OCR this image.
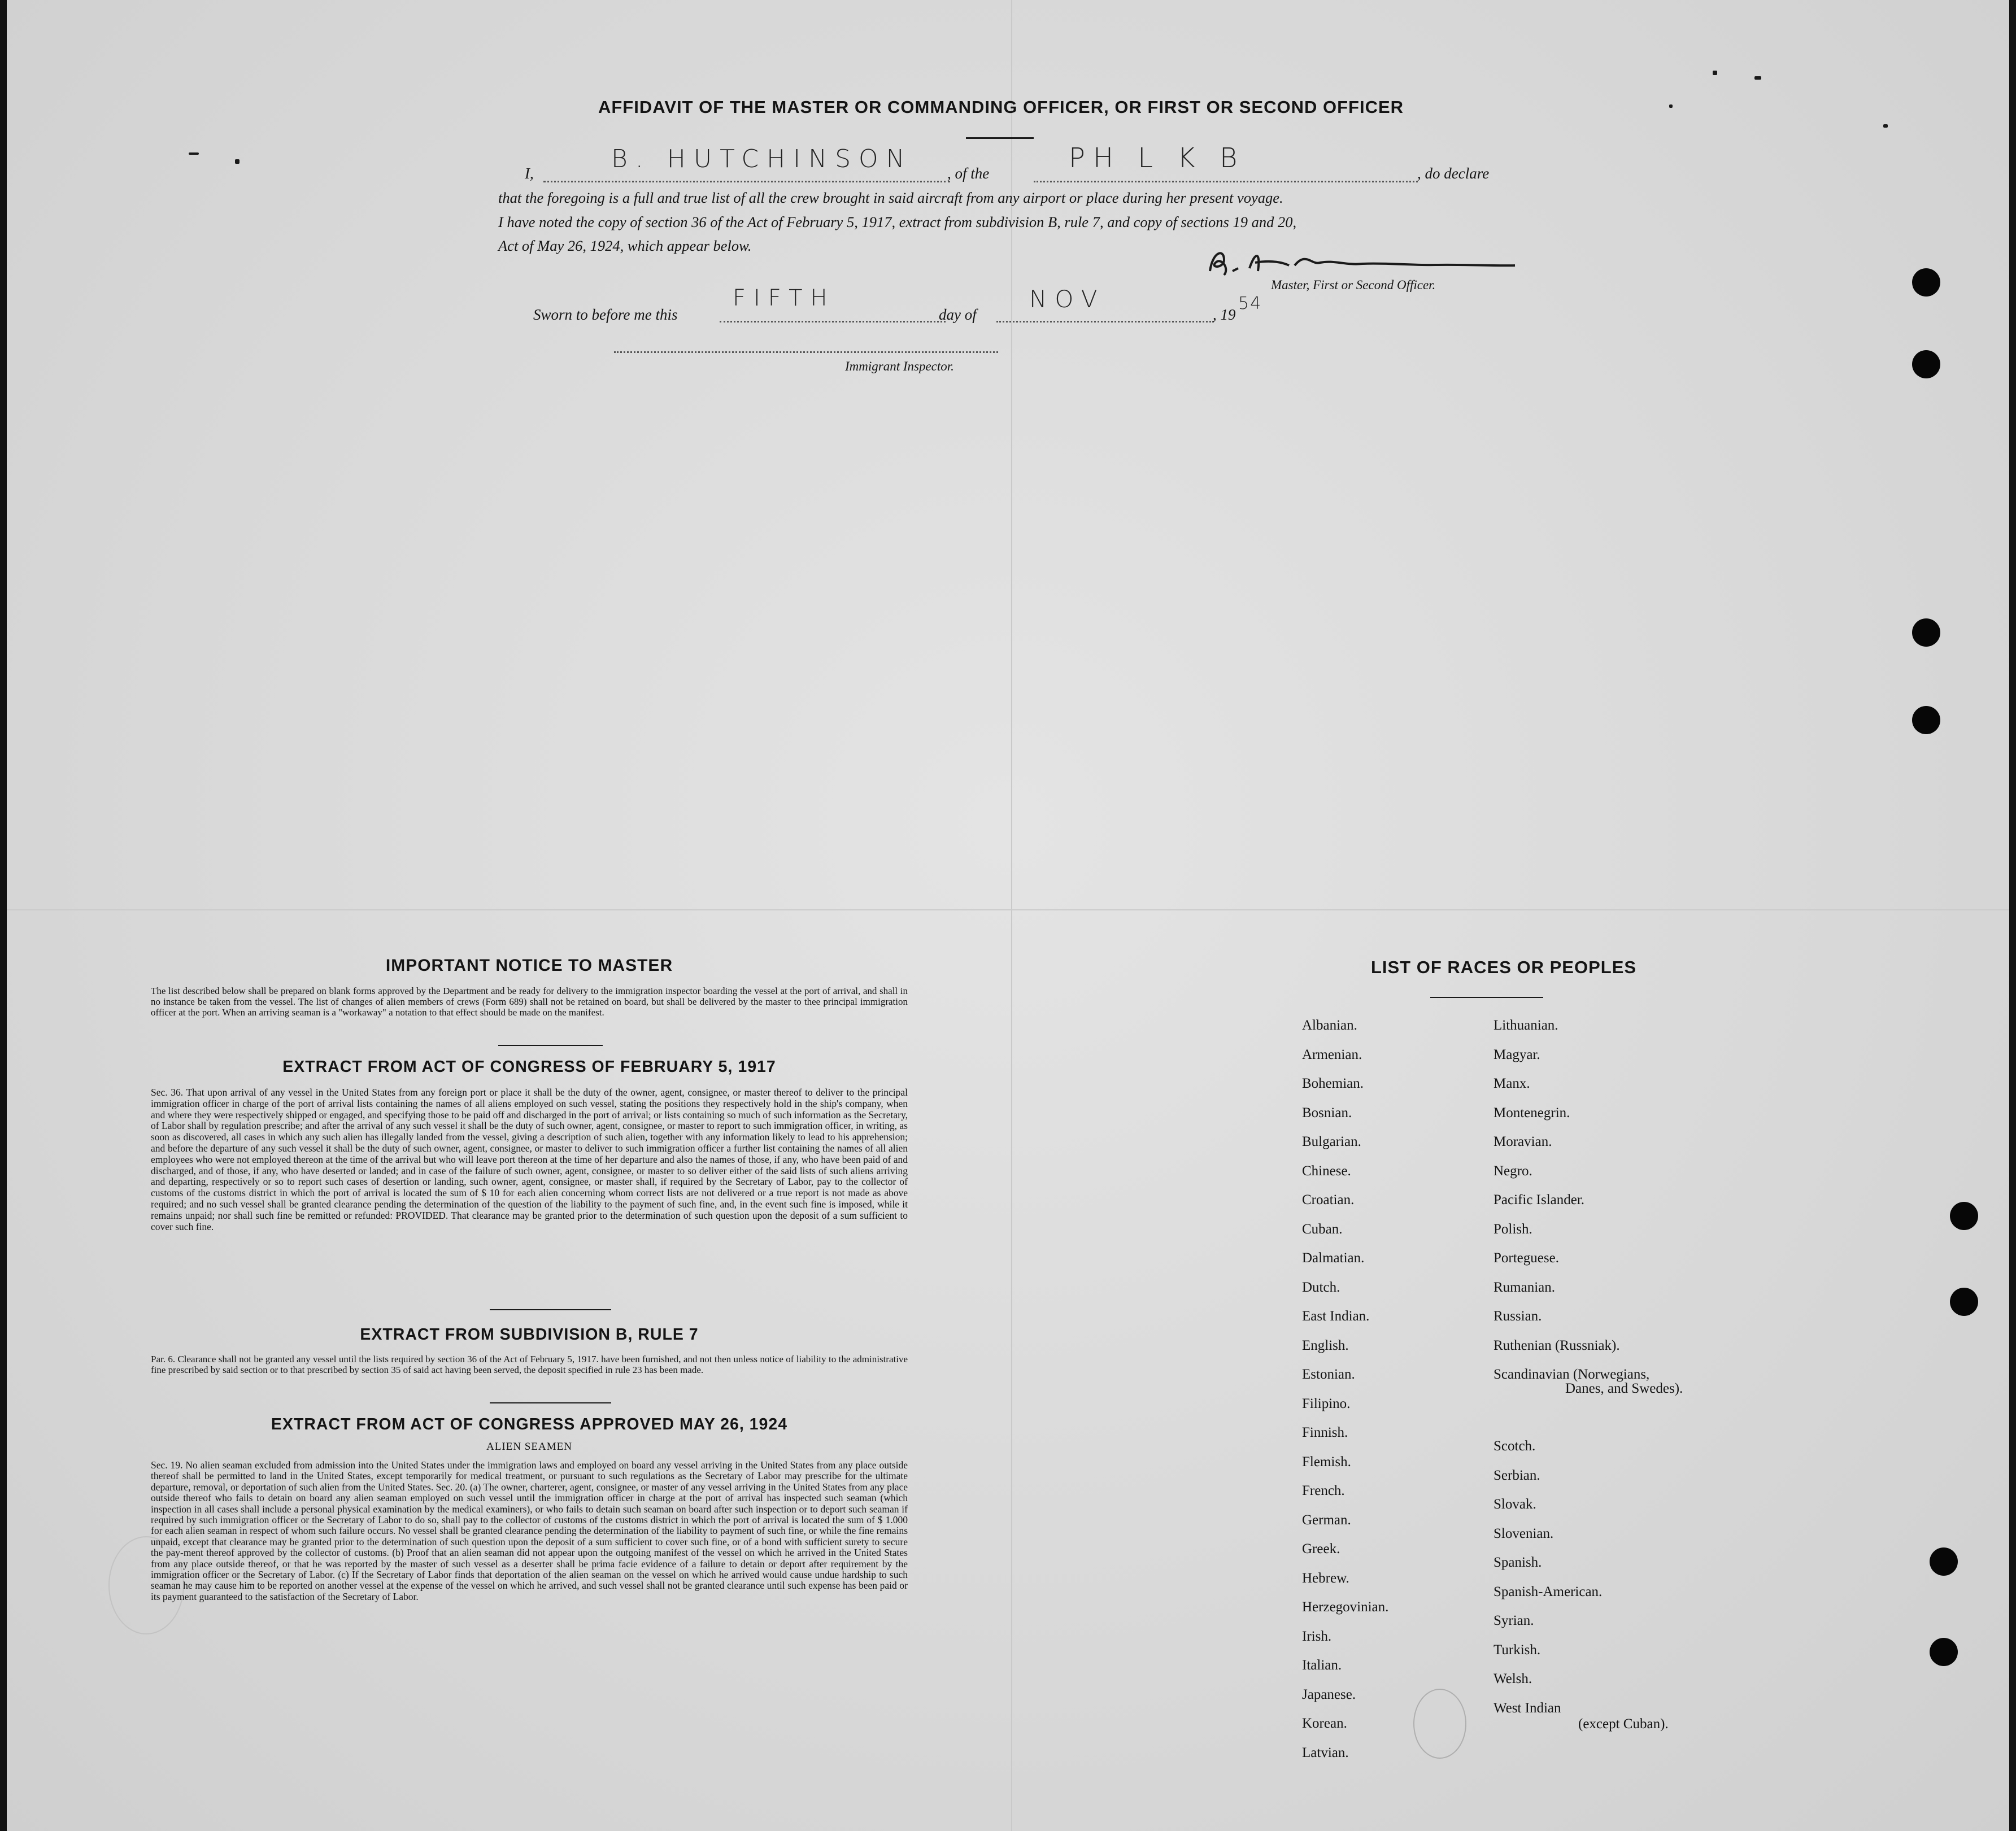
AFFIDAVIT OF THE MASTER OR COMMANDING OFFICER, OR FIRST OR SECOND OFFICER
I,	B. HUTCHINSON , of the	PH L K B	, do declare
that the foregoing is a full and true list of all the crew brought in said aircraft from any airport or place during her present voyage.
I have noted the copy of section 36 of the Act of February 5, 1917, extract from subdivision B, rule 7, and copy of sections 19 and 20,
Act of May 26, 1924, which appear below.
Master, First or Second Officer.
Sworn to before me this
FIFTH
day of
NOV
, 19
54
Immigrant Inspector.
IMPORTANT NOTICE TO MASTER
The list described below shall be prepared on blank forms approved by the Department and be ready for delivery to the immigration inspector boarding the vessel at the port of arrival, and shall in no instance be taken from the vessel. The list of changes of alien members of crews (Form 689) shall not be retained on board, but shall be delivered by the master to thee principal immigration officer at the port. When an arriving seaman is a "workaway" a notation to that effect should be made on the manifest.
EXTRACT FROM ACT OF CONGRESS OF FEBRUARY 5, 1917
Sec. 36. That upon arrival of any vessel in the United States from any foreign port or place it shall be the duty of the owner, agent, consignee, or master thereof to deliver to the principal immigration officer in charge of the port of arrival lists containing the names of all aliens employed on such vessel, stating the positions they respectively hold in the ship's company, when and where they were respectively shipped or engaged, and specifying those to be paid off and discharged in the port of arrival; or lists containing so much of such information as the Secretary, of Labor shall by regulation prescribe; and after the arrival of any such vessel it shall be the duty of such owner, agent, consignee, or master to report to such immigration officer, in writing, as soon as discovered, all cases in which any such alien has illegally landed from the vessel, giving a description of such alien, together with any information likely to lead to his apprehension; and before the departure of any such vessel it shall be the duty of such owner, agent, consignee, or master to deliver to such immigration officer a further list containing the names of all alien employees who were not employed thereon at the time of the arrival but who will leave port thereon at the time of her departure and also the names of those, if any, who have been paid of and discharged, and of those, if any, who have deserted or landed; and in case of the failure of such owner, agent, consignee, or master to so deliver either of the said lists of such aliens arriving and departing, respectively or so to report such cases of desertion or landing, such owner, agent, consignee, or master shall, if required by the Secretary of Labor, pay to the collector of customs of the customs district in which the port of arrival is located the sum of $ 10 for each alien concerning whom correct lists are not delivered or a true report is not made as above required; and no such vessel shall be granted clearance pending the determination of the question of the liability to the payment of such fine, and, in the event such fine is imposed, while it remains unpaid; nor shall such fine be remitted or refunded: PROVIDED. That clearance may be granted prior to the determination of such question upon the deposit of a sum sufficient to cover such fine.
EXTRACT FROM SUBDIVISION B, RULE 7
Par. 6. Clearance shall not be granted any vessel until the lists required by section 36 of the Act of February 5, 1917. have been furnished, and not then unless notice of liability to the administrative fine prescribed by said section or to that prescribed by section 35 of said act having been served, the deposit specified in rule 23 has been made.
EXTRACT FROM ACT OF CONGRESS APPROVED MAY 26, 1924
ALIEN SEAMEN
Sec. 19. No alien seaman excluded from admission into the United States under the immigration laws and employed on board any vessel arriving in the United States from any place outside thereof shall be permitted to land in the United States, except temporarily for medical treatment, or pursuant to such regulations as the Secretary of Labor may prescribe for the ultimate departure, removal, or deportation of such alien from the United States. Sec. 20. (a) The owner, charterer, agent, consignee, or master of any vessel arriving in the United States from any place outside thereof who fails to detain on board any alien seaman employed on such vessel until the immigration officer in charge at the port of arrival has inspected such seaman (which inspection in all cases shall include a personal physical examination by the medical examiners), or who fails to detain such seaman on board after such inspection or to deport such seaman if required by such immigration officer or the Secretary of Labor to do so, shall pay to the collector of customs of the customs district in which the port of arrival is located the sum of $ 1.000 for each alien seaman in respect of whom such failure occurs. No vessel shall be granted clearance pending the determination of the liability to payment of such fine, or while the fine remains unpaid, except that clearance may be granted prior to the determination of such question upon the deposit of a sum sufficient to cover such fine, or of a bond with sufficient surety to secure the pay-ment thereof approved by the collector of customs. (b) Proof that an alien seaman did not appear upon the outgoing manifest of the vessel on which he arrived in the United States from any place outside thereof, or that he was reported by the master of such vessel as a deserter shall be prima facie evidence of a failure to detain or deport after requirement by the immigration officer or the Secretary of Labor. (c) If the Secretary of Labor finds that deportation of the alien seaman on the vessel on which he arrived would cause undue hardship to such seaman he may cause him to be reported on another vessel at the expense of the vessel on which he arrived, and such vessel shall not be granted clearance until such expense has been paid or its payment guaranteed to the satisfaction of the Secretary of Labor.
LIST OF RACES OR PEOPLES
Albanian.
Armenian.
Bohemian.
Bosnian.
Bulgarian.
Chinese.
Croatian.
Cuban.
Dalmatian.
Dutch.
East Indian.
English.
Estonian.
Filipino.
Finnish.
Flemish.
French.
German.
Greek.
Hebrew.
Herzegovinian.
Irish.
Italian.
Japanese.
Korean.
Latvian.
Lithuanian.
Magyar.
Manx.
Montenegrin.
Moravian.
Negro.
Pacific Islander.
Polish.
Porteguese.
Rumanian.
Russian.
Ruthenian (Russniak).
Scandinavian (Norwegians,
Danes, and Swedes).
Scotch.
Serbian.
Slovak.
Slovenian.
Spanish.
Spanish-American.
Syrian.
Turkish.
Welsh.
West Indian
(except Cuban).
